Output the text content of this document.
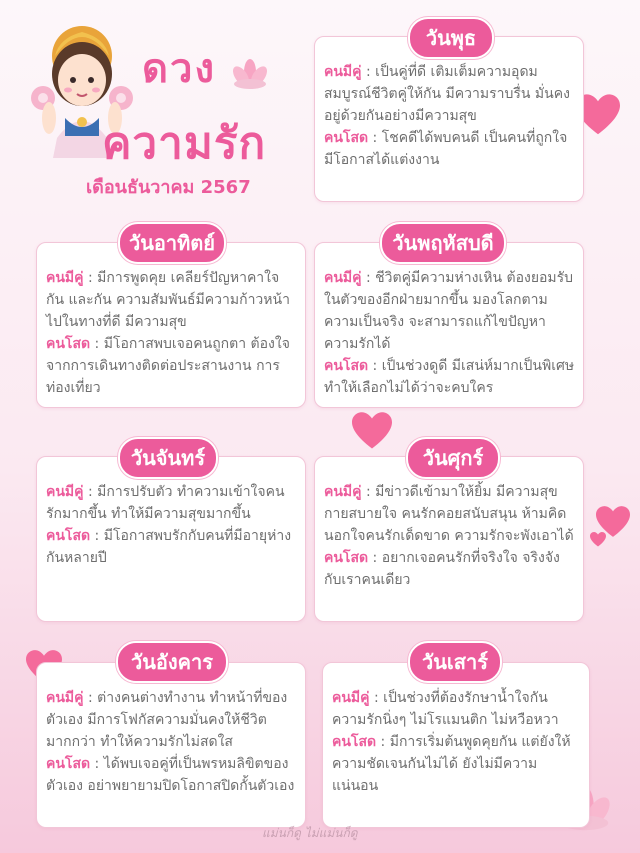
ดวง
ความรัก
เดือนธันวาคม 2567
คนมีคู่ : เป็นคู่ที่ดี เติมเต็มความอุดมสมบูรณ์ชีวิตคู่ให้กัน มีความราบรื่น มั่นคง อยู่ด้วยกันอย่างมีความสุข
คนโสด : โชคดีได้พบคนดี เป็นคนที่ถูกใจ มีโอกาสได้แต่งงาน
วันพุธ
คนมีคู่ : มีการพูดคุย เคลียร์ปัญหาคาใจกัน และกัน ความสัมพันธ์มีความก้าวหน้า ไปในทางที่ดี มีความสุข
คนโสด : มีโอกาสพบเจอคนถูกตา ต้องใจ จากการเดินทางติดต่อประสานงาน การท่องเที่ยว
วันอาทิตย์
คนมีคู่ : ชีวิตคู่มีความห่างเหิน ต้องยอมรับในตัวของอีกฝ่ายมากขึ้น มองโลกตามความเป็นจริง จะสามารถแก้ไขปัญหาความรักได้
คนโสด : เป็นช่วงดูดี มีเสน่ห์มากเป็นพิเศษ ทำให้เลือกไม่ได้ว่าจะคบใคร
วันพฤหัสบดี
คนมีคู่ : มีการปรับตัว ทำความเข้าใจคนรักมากขึ้น ทำให้มีความสุขมากขึ้น
คนโสด : มีโอกาสพบรักกับคนที่มีอายุห่างกันหลายปี
วันจันทร์
คนมีคู่ : มีข่าวดีเข้ามาให้ยิ้ม มีความสุขกายสบายใจ คนรักคอยสนับสนุน ห้ามคิดนอกใจคนรักเด็ดขาด ความรักจะพังเอาได้
คนโสด : อยากเจอคนรักที่จริงใจ จริงจังกับเราคนเดียว
วันศุกร์
คนมีคู่ : ต่างคนต่างทำงาน ทำหน้าที่ของตัวเอง มีการโฟกัสความมั่นคงให้ชีวิตมากกว่า ทำให้ความรักไม่สดใส
คนโสด : ได้พบเจอคู่ที่เป็นพรหมลิขิตของตัวเอง อย่าพยายามปิดโอกาสปิดกั้นตัวเอง
วันอังคาร
คนมีคู่ : เป็นช่วงที่ต้องรักษาน้ำใจกัน ความรักนิ่งๆ ไม่โรแมนติก ไม่หวือหวา
คนโสด : มีการเริ่มต้นพูดคุยกัน แต่ยังให้ความชัดเจนกันไม่ได้ ยังไม่มีความแน่นอน
วันเสาร์
แม่นก็ดู ไม่แม่นก็ดู
